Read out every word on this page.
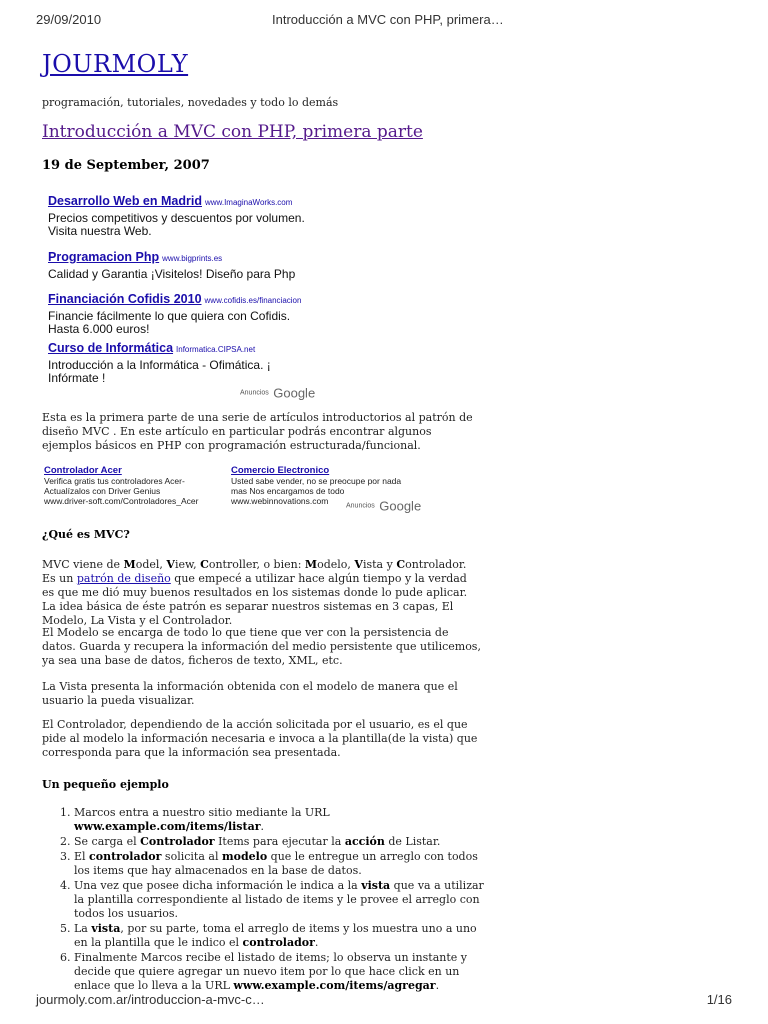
29/09/2010	Introducción a MVC con PHP, primera…
JOURMOLY
programación, tutoriales, novedades y todo lo demás
Introducción a MVC con PHP, primera parte
19 de September, 2007
Desarrollo Web en Madrid www.ImaginaWorks.com
Precios competitivos y descuentos por volumen. Visita nuestra Web.
Programacion Php www.bigprints.es
Calidad y Garantia ¡Visitelos! Diseño para Php
Financiación Cofidis 2010 www.cofidis.es/financiacion
Financie fácilmente lo que quiera con Cofidis. Hasta 6.000 euros!
Curso de Informática Informatica.CIPSA.net
Introducción a la Informática - Ofimática. ¡ Infórmate !
Anuncios Google

Esta es la primera parte de una serie de artículos introductorios al patrón de diseño MVC . En este artículo en particular podrás encontrar algunos ejemplos básicos en PHP con programación estructurada/funcional.

Controlador Acer
Verifica gratis tus controladores Acer- Actualízalos con Driver Genius
www.driver-soft.com/Controladores_Acer
Comercio Electronico
Usted sabe vender, no se preocupe por nada mas Nos encargamos de todo
www.webinnovations.com	Anuncios Google
¿Qué es MVC?

MVC viene de Model, View, Controller, o bien: Modelo, Vista y Controlador. Es un patrón de diseño que empecé a utilizar hace algún tiempo y la verdad es que me dió muy buenos resultados en los sistemas donde lo pude aplicar. La idea básica de éste patrón es separar nuestros sistemas en 3 capas, El Modelo, La Vista y el Controlador.

El Modelo se encarga de todo lo que tiene que ver con la persistencia de datos. Guarda y recupera la información del medio persistente que utilicemos, ya sea una base de datos, ficheros de texto, XML, etc.

La Vista presenta la información obtenida con el modelo de manera que el usuario la pueda visualizar.

El Controlador, dependiendo de la acción solicitada por el usuario, es el que pide al modelo la información necesaria e invoca a la plantilla(de la vista) que corresponda para que la información sea presentada.

Un pequeño ejemplo
1. Marcos entra a nuestro sitio mediante la URL www.example.com/items/listar.
2. Se carga el Controlador Items para ejecutar la acción de Listar.
3. El controlador solicita al modelo que le entregue un arreglo con todos los items que hay almacenados en la base de datos.
4. Una vez que posee dicha información le indica a la vista que va a utilizar la plantilla correspondiente al listado de items y le provee el arreglo con todos los usuarios.
5. La vista, por su parte, toma el arreglo de items y los muestra uno a uno en la plantilla que le indico el controlador.
6. Finalmente Marcos recibe el listado de items; lo observa un instante y decide que quiere agregar un nuevo item por lo que hace click en un enlace que lo lleva a la URL www.example.com/items/agregar.
jourmoly.com.ar/introduccion-a-mvc-c…	1/16
